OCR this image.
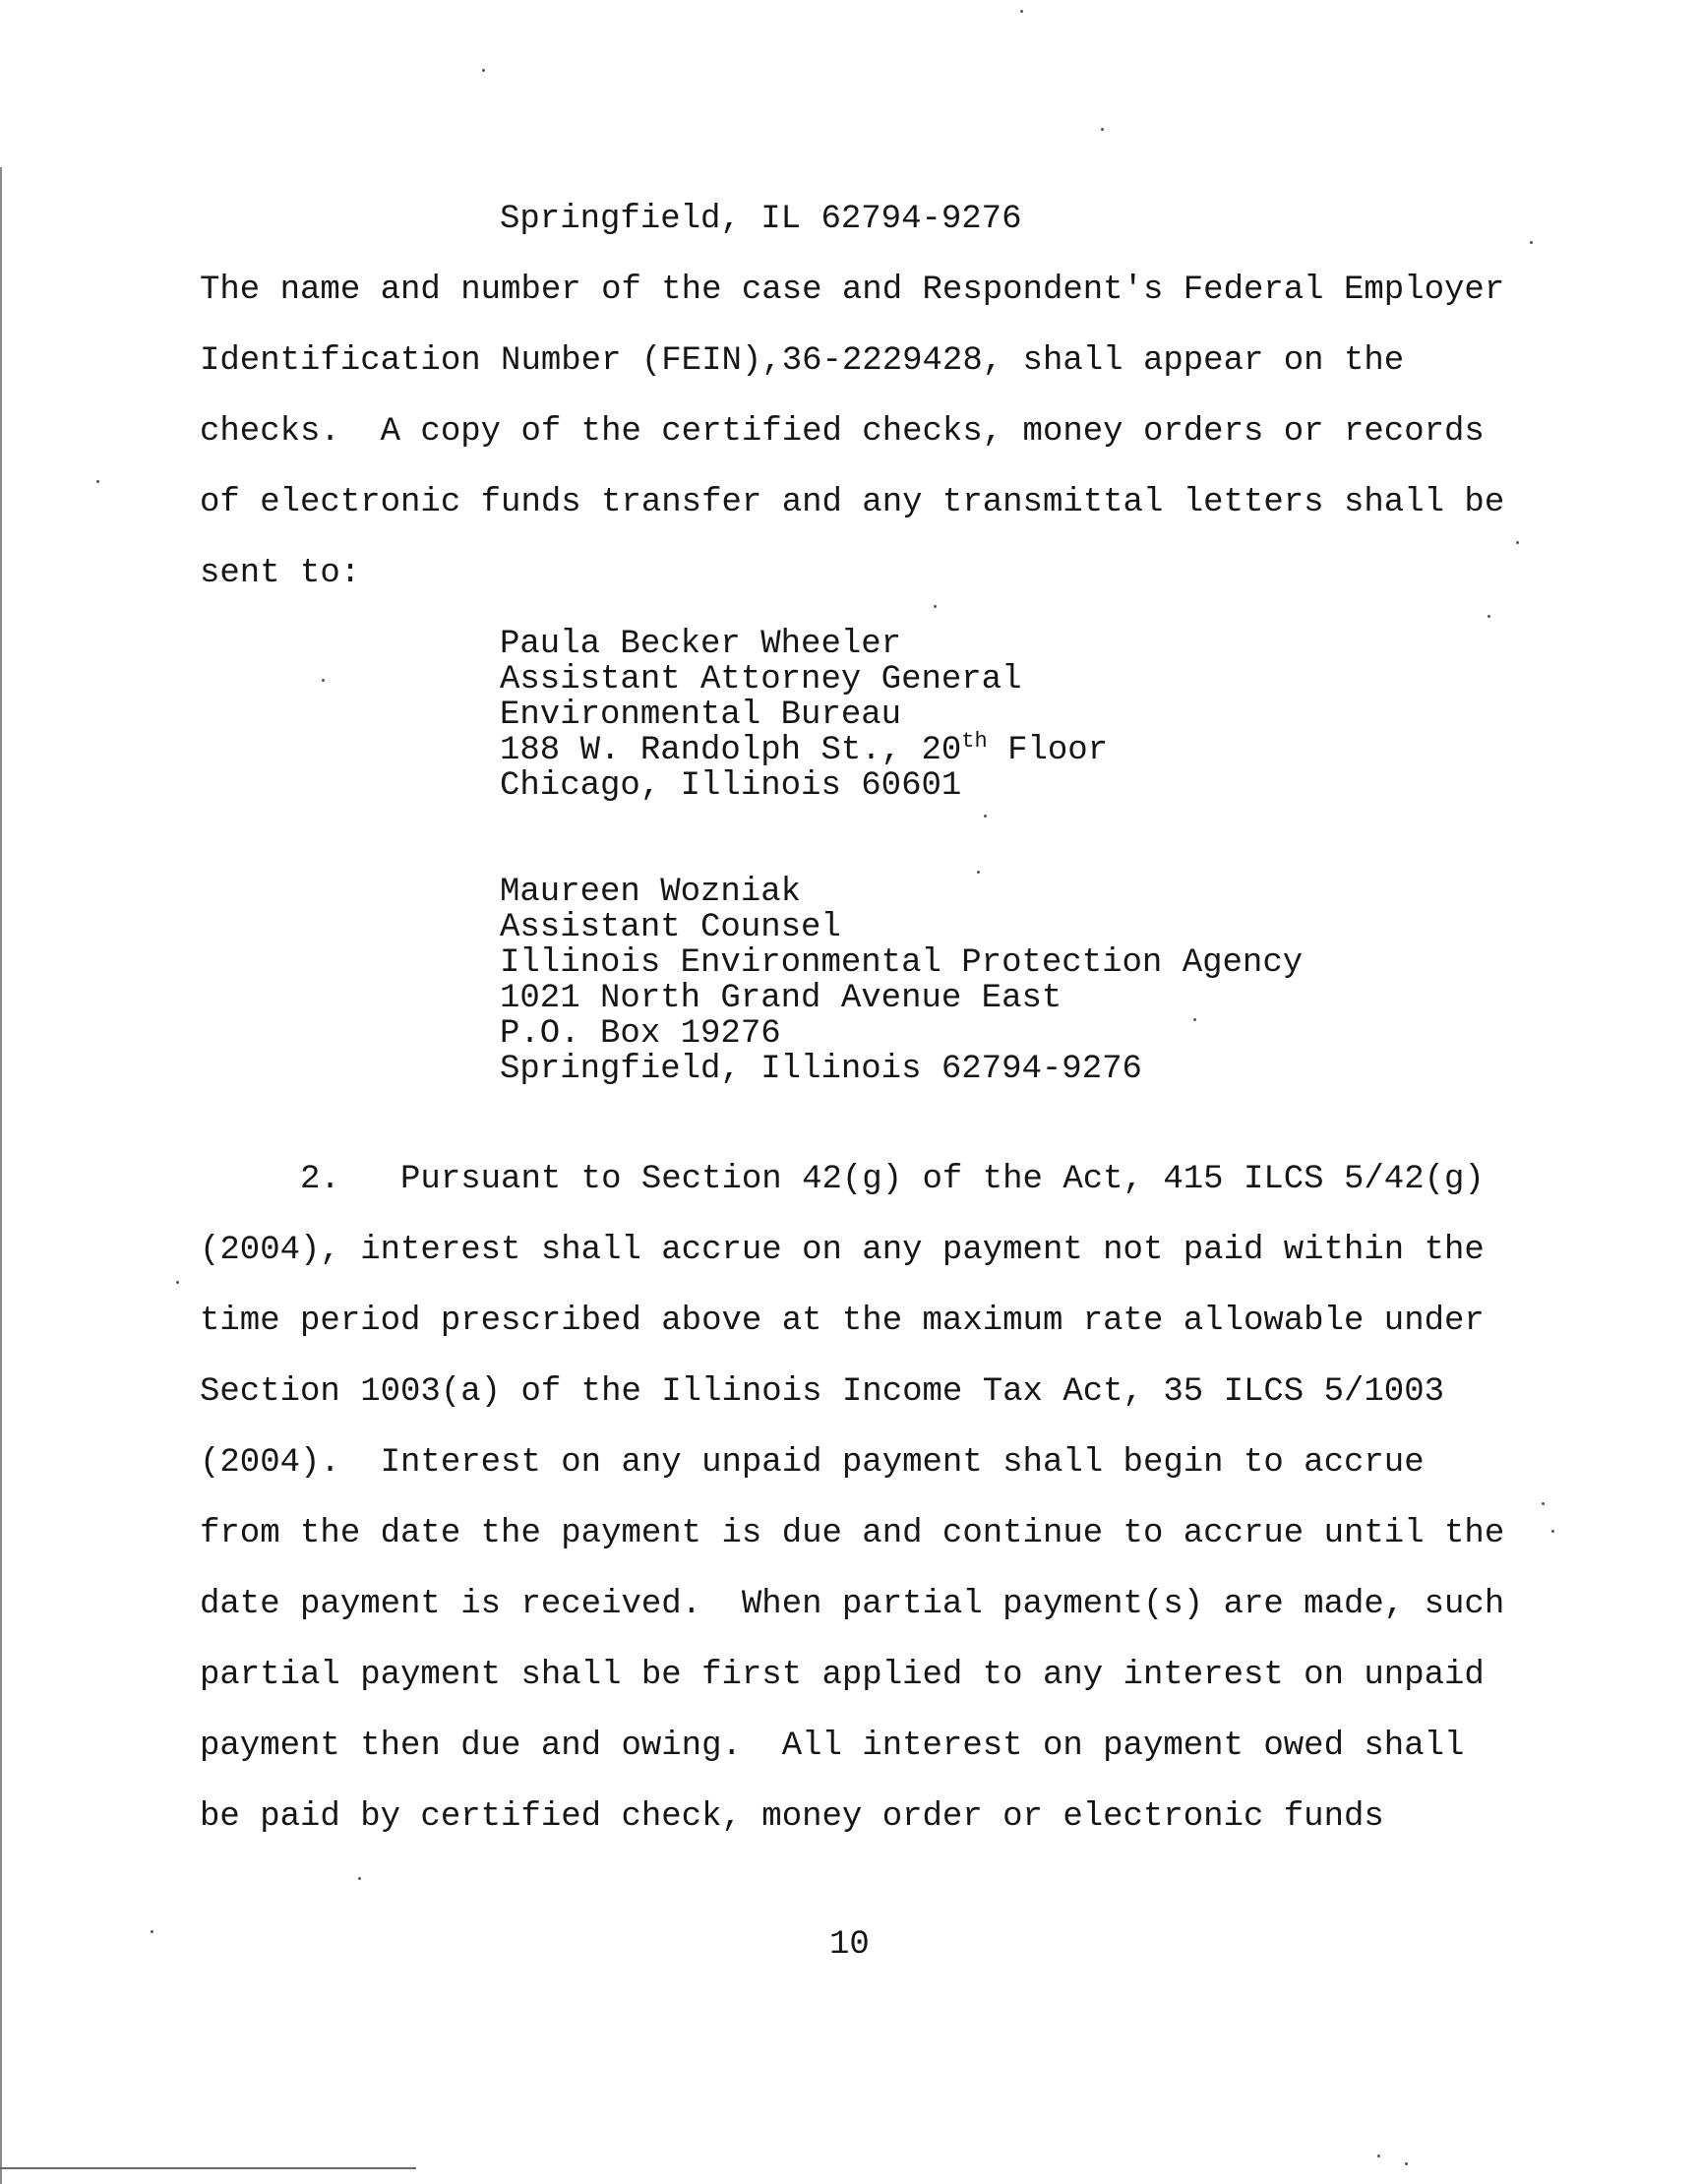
Springfield, IL 62794-9276
The name and number of the case and Respondent's Federal Employer
Identification Number (FEIN),36-2229428, shall appear on the
checks.  A copy of the certified checks, money orders or records
of electronic funds transfer and any transmittal letters shall be
sent to:
Paula Becker Wheeler
Assistant Attorney General
Environmental Bureau
188 W. Randolph St., 20th Floor
Chicago, Illinois 60601
Maureen Wozniak
Assistant Counsel
Illinois Environmental Protection Agency
1021 North Grand Avenue East
P.O. Box 19276
Springfield, Illinois 62794-9276
2.   Pursuant to Section 42(g) of the Act, 415 ILCS 5/42(g)
(2004), interest shall accrue on any payment not paid within the
time period prescribed above at the maximum rate allowable under
Section 1003(a) of the Illinois Income Tax Act, 35 ILCS 5/1003
(2004).  Interest on any unpaid payment shall begin to accrue
from the date the payment is due and continue to accrue until the
date payment is received.  When partial payment(s) are made, such
partial payment shall be first applied to any interest on unpaid
payment then due and owing.  All interest on payment owed shall
be paid by certified check, money order or electronic funds
10
